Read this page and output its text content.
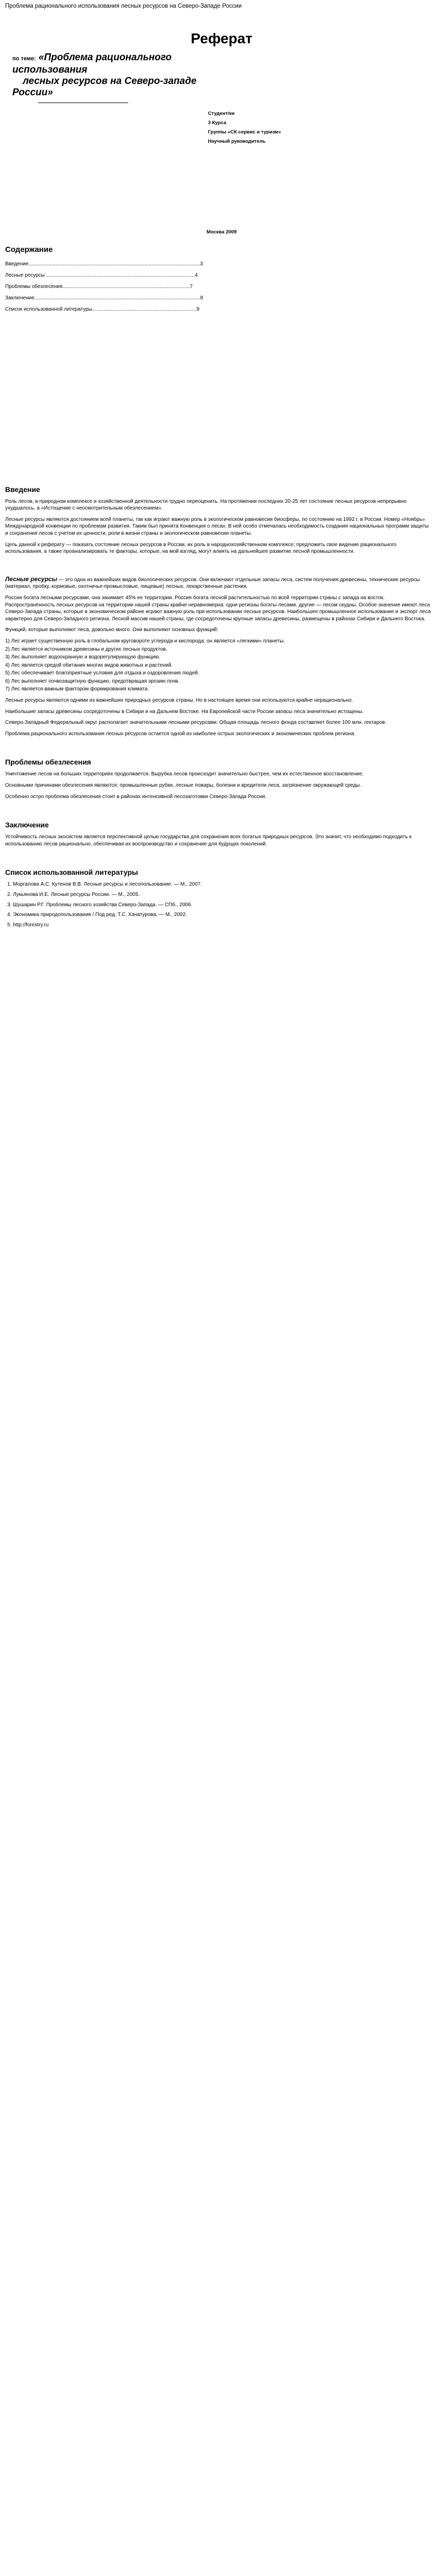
Проблема рационального использования лесных ресурсов на Северо-Западе России
Реферат
по теме: «Проблема рационального
использования
лесных ресурсов на Северо-западе
России»
Студент/ки
3 Курса
Группы «СК сервис и туризм»
Научный руководитель
Москва 2009
Содержание
Введение........................................................................................................................3
Лесные ресурсы ........................................................................................................4
Проблемы обезлесения.........................................................................................7
Заключение....................................................................................................................8
Список использованной литературы.........................................................................9
Введение

Роль лесов, в природном комплексе и хозяйственной деятельности трудно переоценить. На протяжении последних 20-25 лет состояние лесных ресурсов непрерывно ухудшалось, а «Истощение с неосмотрительным обезлесением».

Лесные ресурсы являются достоянием всей планеты, так как играют важную роль в экологическом равновесии биосферы, по состоянию на 1992 г. в России. Номер «Ноябрь» Международной конвенции по проблемам развития. Таким был принята Конвенция о лесах. В ней особо отмечалась необходимость создания национальных программ защиты и сохранения лесов с учетом их ценности, роли в жизни страны и экологическом равновесии планеты.

Цель данной к реферату — показать состояние лесных ресурсов в России, их роль в народнохозяйственном комплексе; предложить свое видение рационального использования, а также проанализировать те факторы, которые, на мой взгляд, могут влиять на дальнейшее развитие лесной промышленности.

Лесные ресурсы — это одна из важнейших видов биологических ресурсов. Они включают отдельные запасы леса, систем получения древесины, технические ресурсы (материал, пробку, кормовые, охотничье-промысловые, пищевые) лесных, лекарственные растения.

Россия богата лесными ресурсами, она занимает 45% ее территории. Россия богата лесной растительностью по всей территории страны с запада на восток. Распространённость лесных ресурсов на территории нашей страны крайне неравномерна: одни регионы богаты лесами, другие — лесом скудны. Особое значение имеют леса Северо-Запада страны, которые в экономическом районе играют важную роль при использовании лесных ресурсов. Наибольшее промышленное использование и экспорт леса характерно для Северо-Западного региона. Лесной массив нашей страны, где сосредоточены крупные запасы древесины, размещены в районах Сибири и Дальнего Востока.

Функций, которые выполняют леса, довольно много. Они выполняют основных функций:

1) Лес играет существенную роль в глобальном круговороте углерода и кислорода; он является «легкими» планеты.
2) Лес является источником древесины и других лесных продуктов.
3) Лес выполняет водоохранную и водорегулирующую функцию.
4) Лес является средой обитания многих видов животных и растений.
5) Лес обеспечивает благоприятные условия для отдыха и оздоровления людей.
6) Лес выполняет почвозащитную функцию, предотвращая эрозию почв.
7) Лес является важным фактором формирования климата.

Лесные ресурсы являются одними из важнейших природных ресурсов страны. Но в настоящее время они используются крайне нерационально.

Наибольшие запасы древесины сосредоточены в Сибири и на Дальнем Востоке. На Европейской части России запасы леса значительно истощены.

Северо-Западный Федеральный округ располагает значительными лесными ресурсами. Общая площадь лесного фонда составляет более 100 млн. гектаров.

Проблема рационального использования лесных ресурсов остается одной из наиболее острых экологических и экономических проблем региона.

Проблемы обезлесения

Уничтожение лесов на больших территориях продолжается. Вырубка лесов происходит значительно быстрее, чем их естественное восстановление.

Основными причинами обезлесения являются: промышленные рубки, лесные пожары, болезни и вредители леса, загрязнение окружающей среды.

Особенно остро проблема обезлесения стоит в районах интенсивной лесозаготовки Северо-Запада России.

Заключение

Устойчивость лесных экосистем является перспективной целью государства для сохранения всех богатых природных ресурсов. Это значит, что необходимо подходить к использованию лесов рационально, обеспечивая их воспроизводство и сохранение для будущих поколений.

Список использованной литературы
1. Моргалова А.С. Кутенов В.В. Лесные ресурсы и лесопользование. — М., 2007.
2. Лукьянова И.Е. Лесные ресурсы России. — М., 2005.
3. Шушарин Р.Г. Проблемы лесного хозяйства Северо-Запада. — СПб., 2006.
4. Экономика природопользования / Под ред. Т.С. Хачатурова. — М., 2002.
5. http://forestry.ru
